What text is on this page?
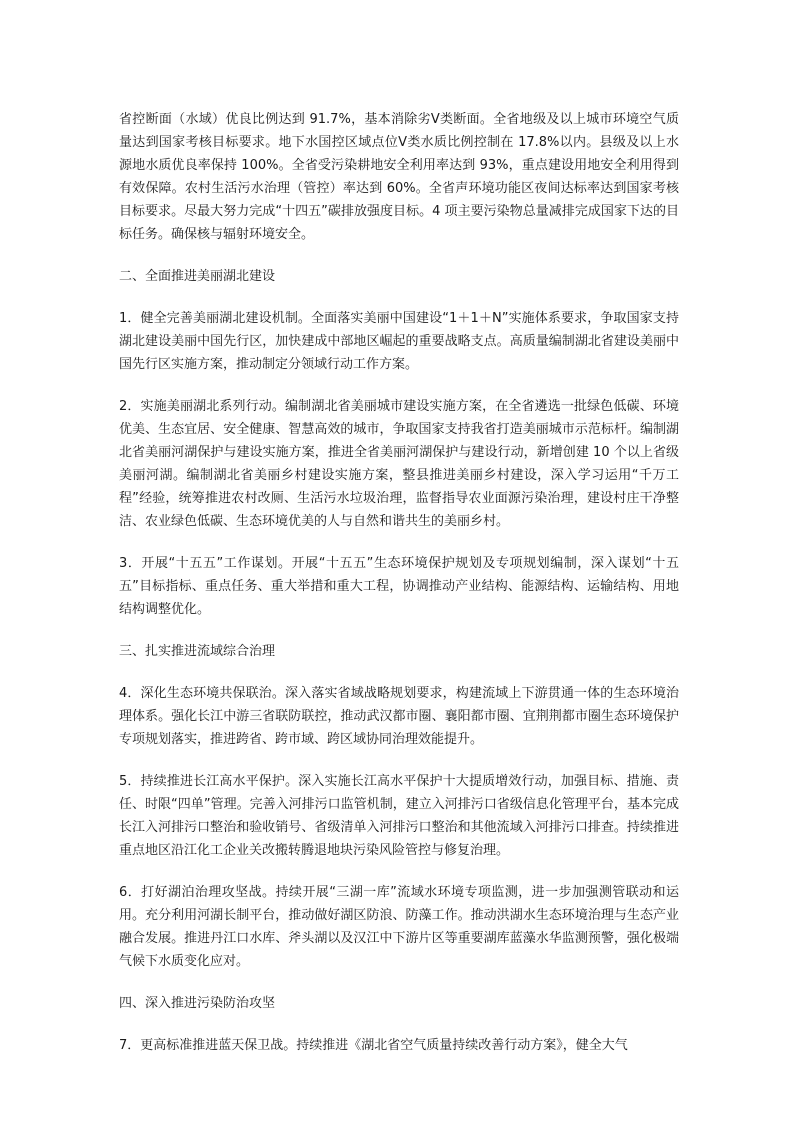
省控断面（水域）优良比例达到 91.7%，基本消除劣Ⅴ类断面。全省地级及以上城市环境空气质量达到国家考核目标要求。地下水国控区域点位Ⅴ类水质比例控制在 17.8%以内。县级及以上水源地水质优良率保持 100%。全省受污染耕地安全利用率达到 93%，重点建设用地安全利用得到有效保障。农村生活污水治理（管控）率达到 60%。全省声环境功能区夜间达标率达到国家考核目标要求。尽最大努力完成“十四五”碳排放强度目标。4 项主要污染物总量减排完成国家下达的目标任务。确保核与辐射环境安全。

二、全面推进美丽湖北建设

1．健全完善美丽湖北建设机制。全面落实美丽中国建设“1＋1＋N”实施体系要求，争取国家支持湖北建设美丽中国先行区，加快建成中部地区崛起的重要战略支点。高质量编制湖北省建设美丽中国先行区实施方案，推动制定分领域行动工作方案。

2．实施美丽湖北系列行动。编制湖北省美丽城市建设实施方案，在全省遴选一批绿色低碳、环境优美、生态宜居、安全健康、智慧高效的城市，争取国家支持我省打造美丽城市示范标杆。编制湖北省美丽河湖保护与建设实施方案，推进全省美丽河湖保护与建设行动，新增创建 10 个以上省级美丽河湖。编制湖北省美丽乡村建设实施方案，整县推进美丽乡村建设，深入学习运用“千万工程”经验，统筹推进农村改厕、生活污水垃圾治理，监督指导农业面源污染治理，建设村庄干净整洁、农业绿色低碳、生态环境优美的人与自然和谐共生的美丽乡村。

3．开展“十五五”工作谋划。开展“十五五”生态环境保护规划及专项规划编制，深入谋划“十五五”目标指标、重点任务、重大举措和重大工程，协调推动产业结构、能源结构、运输结构、用地结构调整优化。

三、扎实推进流域综合治理

4．深化生态环境共保联治。深入落实省域战略规划要求，构建流域上下游贯通一体的生态环境治理体系。强化长江中游三省联防联控，推动武汉都市圈、襄阳都市圈、宜荆荆都市圈生态环境保护专项规划落实，推进跨省、跨市域、跨区域协同治理效能提升。

5．持续推进长江高水平保护。深入实施长江高水平保护十大提质增效行动，加强目标、措施、责任、时限“四单”管理。完善入河排污口监管机制，建立入河排污口省级信息化管理平台，基本完成长江入河排污口整治和验收销号、省级清单入河排污口整治和其他流域入河排污口排查。持续推进重点地区沿江化工企业关改搬转腾退地块污染风险管控与修复治理。

6．打好湖泊治理攻坚战。持续开展“三湖一库”流域水环境专项监测，进一步加强测管联动和运用。充分利用河湖长制平台，推动做好湖区防浪、防藻工作。推动洪湖水生态环境治理与生态产业融合发展。推进丹江口水库、斧头湖以及汉江中下游片区等重要湖库蓝藻水华监测预警，强化极端气候下水质变化应对。

四、深入推进污染防治攻坚

7．更高标准推进蓝天保卫战。持续推进《湖北省空气质量持续改善行动方案》，健全大气
